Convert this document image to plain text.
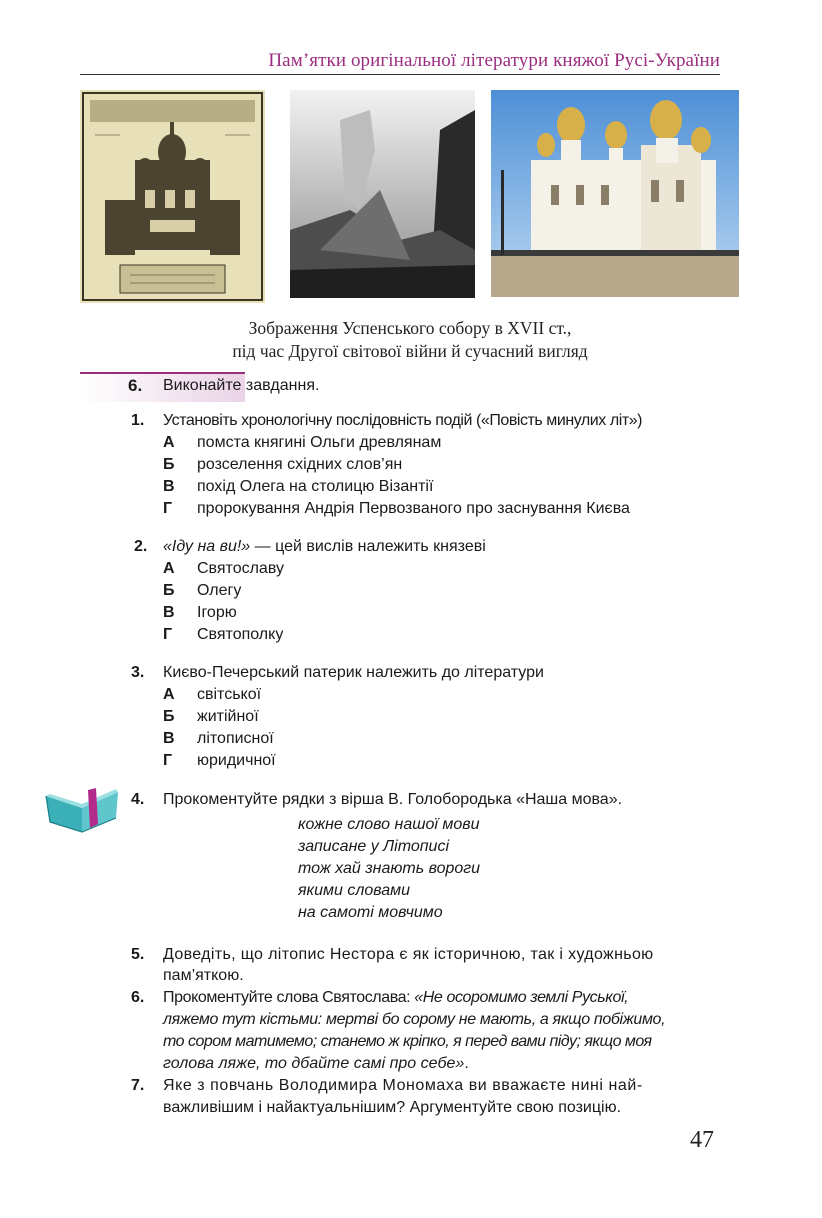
Пам’ятки оригінальної літератури княжої Русі-України
Зображення Успенського собору в XVII ст.,
під час Другої світової війни й сучасний вигляд
6. Виконайте завдання.
1. Установіть хронологічну послідовність подій («Повість минулих літ»)
А помста княгині Ольги древлянам
Б розселення східних слов’ян
В похід Олега на столицю Візантії
Г пророкування Андрія Первозваного про заснування Києва
2. «Іду на ви!» — цей вислів належить князеві
А Святославу
Б Олегу
В Ігорю
Г Святополку
3. Києво-Печерський патерик належить до літератури
А світської
Б житійної
В літописної
Г юридичної
4. Прокоментуйте рядки з вірша В. Голобородька «Наша мова».
кожне слово нашої мови
записане у Літописі
тож хай знають вороги
якими словами
на самоті мовчимо
5. Доведіть, що літопис Нестора є як історичною, так і художньою
пам’яткою.
6. Прокоментуйте слова Святослава: «Не осоромимо землі Руської,
ляжемо тут кістьми: мертві бо сорому не мають, а якщо побіжимо,
то сором матимемо; станемо ж кріпко, я перед вами піду; якщо моя
голова ляже, то дбайте самі про себе».
7. Яке з повчань Володимира Мономаха ви вважаєте нині най-
важливішим і найактуальнішим? Аргументуйте свою позицію.
47
